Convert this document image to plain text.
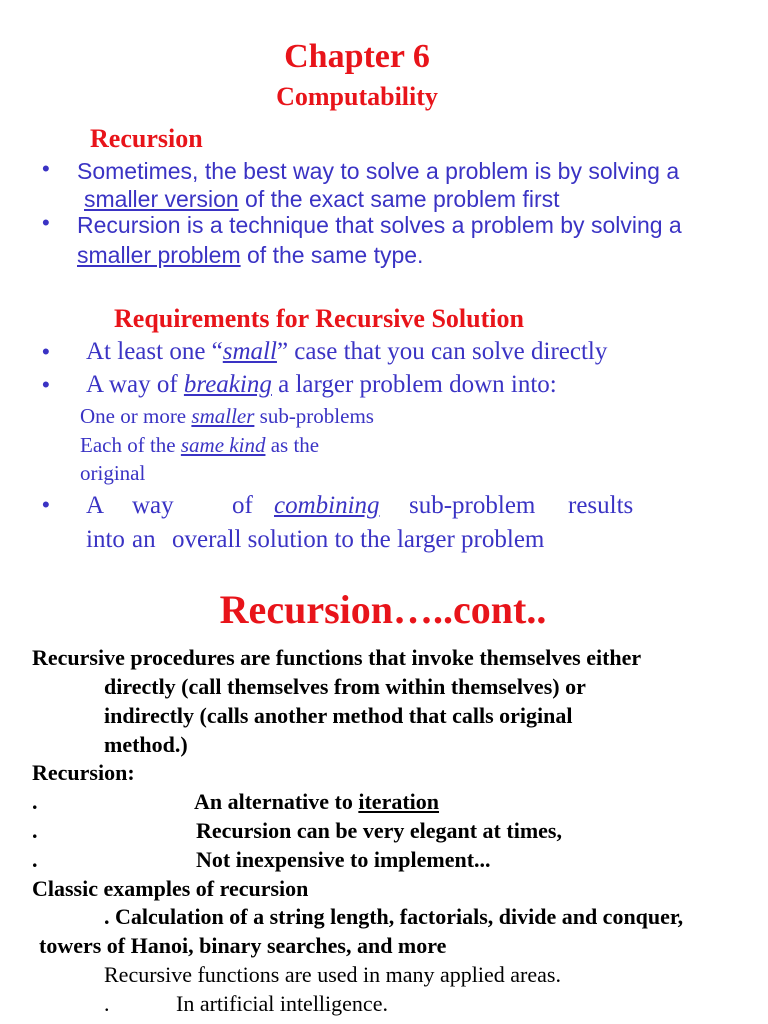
Chapter 6
Computability
Recursion
• Sometimes, the best way to solve a problem is by solving a
smaller version of the exact same problem first
• Recursion is a technique that solves a problem by solving a
smaller problem of the same type.
Requirements for Recursive Solution
• At least one “small” case that you can solve directly
• A way of breaking a larger problem down into:
One or more smaller sub-problems
Each of the same kind as the
original
• A way of combining sub-problem results
into an overall solution to the larger problem
Recursion…..cont..
Recursive procedures are functions that invoke themselves either
directly (call themselves from within themselves) or
indirectly (calls another method that calls original
method.)
Recursion:
.	An alternative to iteration
.	Recursion can be very elegant at times,
.	Not inexpensive to implement...
Classic examples of recursion
. Calculation of a string length, factorials, divide and conquer,
towers of Hanoi, binary searches, and more
Recursive functions are used in many applied areas.
.	In artificial intelligence.
